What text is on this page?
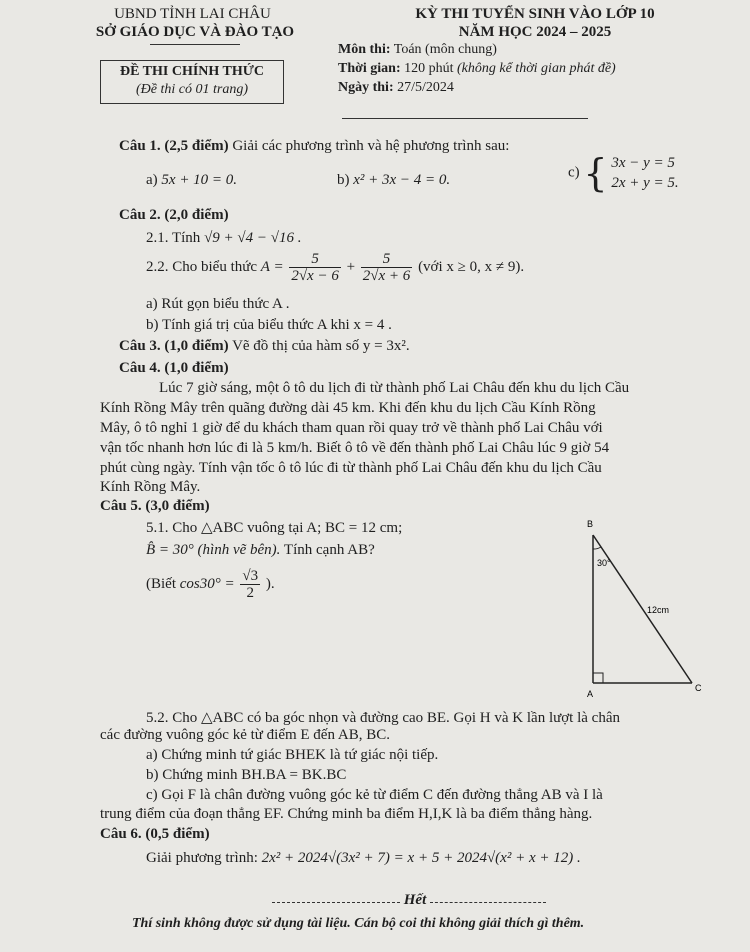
UBND TỈNH LAI CHÂU
SỞ GIÁO DỤC VÀ ĐÀO TẠO
ĐỀ THI CHÍNH THỨC
(Đề thi có 01 trang)
KỲ THI TUYỂN SINH VÀO LỚP 10
NĂM HỌC 2024 – 2025
Môn thi: Toán (môn chung)
Thời gian: 120 phút (không kể thời gian phát đề)
Ngày thi: 27/5/2024
Câu 1. (2,5 điểm) Giải các phương trình và hệ phương trình sau:
a) 5x + 10 = 0.	b) x² + 3x − 4 = 0.	c) { 3x − y = 5
2x + y = 5.
Câu 2. (2,0 điểm)
2.1. Tính √9 + √4 − √16 .
2.2. Cho biểu thức $A = \frac{5}{2√x - 6} + \frac{5}{2√x + 6}$ (với x ≥ 0, x ≠ 9).
a) Rút gọn biểu thức A .
b) Tính giá trị của biểu thức A khi x = 4 .
Câu 3. (1,0 điểm) Vẽ đồ thị của hàm số y = 3x².
Câu 4. (1,0 điểm)
Lúc 7 giờ sáng, một ô tô du lịch đi từ thành phố Lai Châu đến khu du lịch Cầu
Kính Rồng Mây trên quãng đường dài 45 km. Khi đến khu du lịch Cầu Kính Rồng
Mây, ô tô nghỉ 1 giờ để du khách tham quan rồi quay trở về thành phố Lai Châu với
vận tốc nhanh hơn lúc đi là 5 km/h. Biết ô tô về đến thành phố Lai Châu lúc 9 giờ 54
phút cùng ngày. Tính vận tốc ô tô lúc đi từ thành phố Lai Châu đến khu du lịch Cầu
Kính Rồng Mây.
Câu 5. (3,0 điểm)
5.1. Cho △ABC vuông tại A; BC = 12 cm;
B̂ = 30° (hình vẽ bên). Tính cạnh AB?
(Biết $\cos 30^\circ = \frac{√3}{2}$ ).
B
A
C
30°
12cm
5.2. Cho △ABC có ba góc nhọn và đường cao BE. Gọi H và K lần lượt là chân
các đường vuông góc kẻ từ điểm E đến AB, BC.
a) Chứng minh tứ giác BHEK là tứ giác nội tiếp.
b) Chứng minh BH.BA = BK.BC
c) Gọi F là chân đường vuông góc kẻ từ điểm C đến đường thẳng AB và I là
trung điểm của đoạn thẳng EF. Chứng minh ba điểm H,I,K là ba điểm thẳng hàng.
Câu 6. (0,5 điểm)
Giải phương trình: 2x² + 2024√(3x² + 7) = x + 5 + 2024√(x² + x + 12) .
Hết
Thí sinh không được sử dụng tài liệu. Cán bộ coi thi không giải thích gì thêm.
